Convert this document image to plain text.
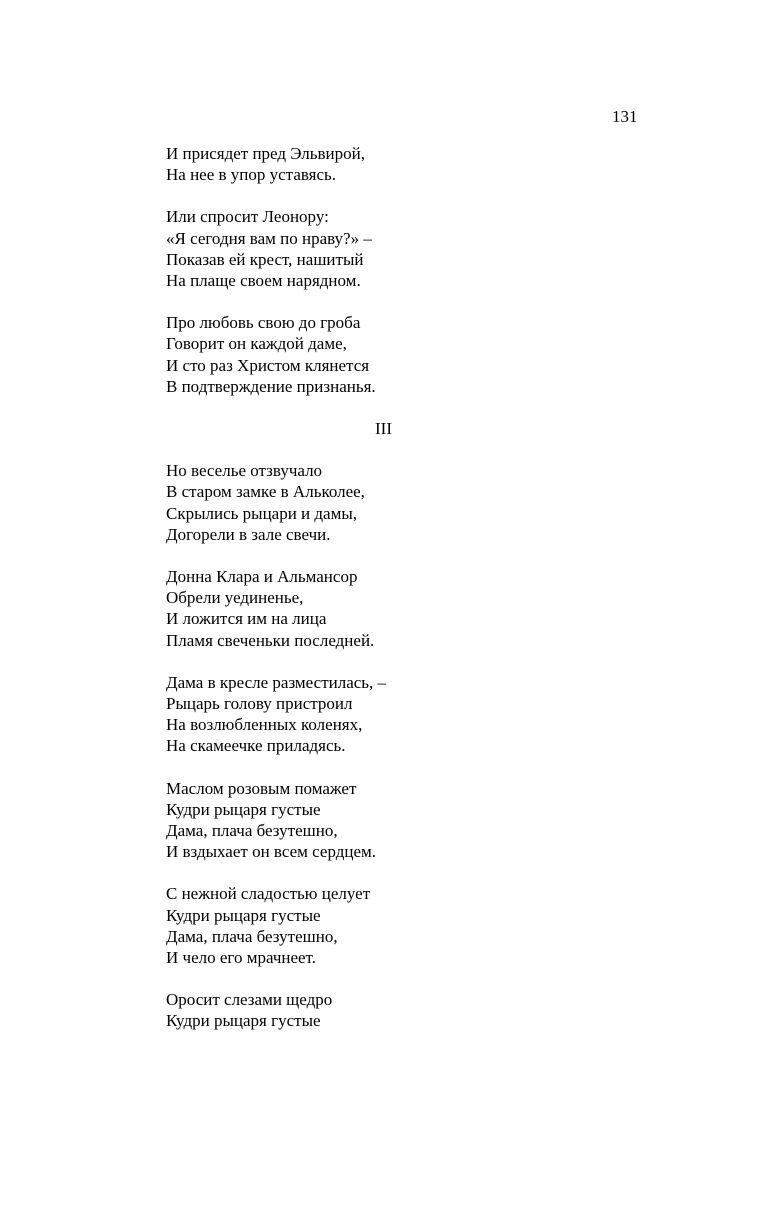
131
И присядет пред Эльвирой,
На нее в упор уставясь.
Или спросит Леонору:
«Я сегодня вам по нраву?» –
Показав ей крест, нашитый
На плаще своем нарядном.
Про любовь свою до гроба
Говорит он каждой даме,
И сто раз Христом клянется
В подтверждение признанья.
III
Но веселье отзвучало
В старом замке в Альколее,
Скрылись рыцари и дамы,
Догорели в зале свечи.
Донна Клара и Альмансор
Обрели уединенье,
И ложится им на лица
Пламя свеченьки последней.
Дама в кресле разместилась, –
Рыцарь голову пристроил
На возлюбленных коленях,
На скамеечке приладясь.
Маслом розовым помажет
Кудри рыцаря густые
Дама, плача безутешно,
И вздыхает он всем сердцем.
С нежной сладостью целует
Кудри рыцаря густые
Дама, плача безутешно,
И чело его мрачнеет.
Оросит слезами щедро
Кудри рыцаря густые
